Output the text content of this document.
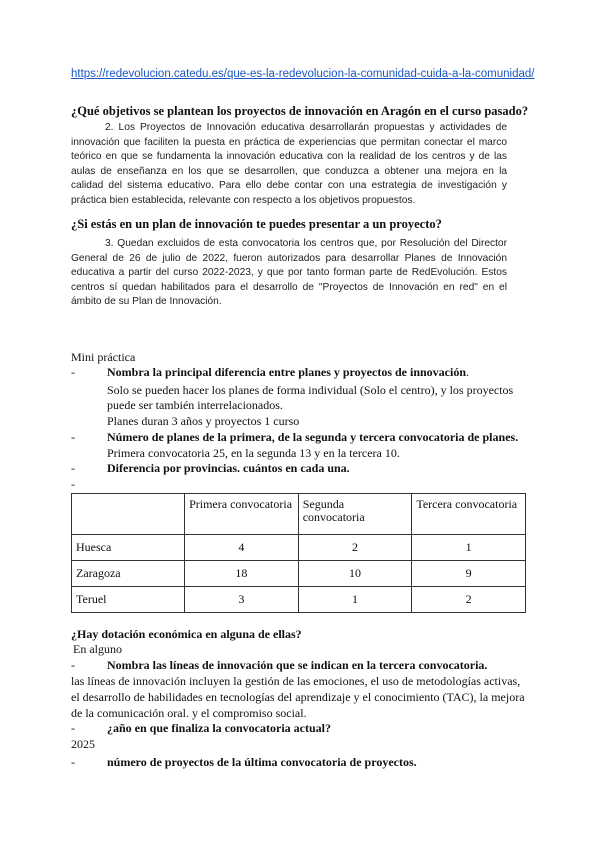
https://redevolucion.catedu.es/que-es-la-redevolucion-la-comunidad-cuida-a-la-comunidad/
¿Qué objetivos se plantean los proyectos de innovación en Aragón en el curso pasado?

2. Los Proyectos de Innovación educativa desarrollarán propuestas y actividades de innovación que faciliten la puesta en práctica de experiencias que permitan conectar el marco teórico en que se fundamenta la innovación educativa con la realidad de los centros y de las aulas de enseñanza en los que se desarrollen, que conduzca a obtener una mejora en la calidad del sistema educativo. Para ello debe contar con una estrategia de investigación y práctica bien establecida, relevante con respecto a los objetivos propuestos.

¿Si estás en un plan de innovación te puedes presentar a un proyecto?

3. Quedan excluidos de esta convocatoria los centros que, por Resolución del Director General de 26 de julio de 2022, fueron autorizados para desarrollar Planes de Innovación educativa a partir del curso 2022-2023, y que por tanto forman parte de RedEvolución. Estos centros sí quedan habilitados para el desarrollo de "Proyectos de Innovación en red" en el ámbito de su Plan de Innovación.

Mini práctica
-	Nombra la principal diferencia entre planes y proyectos de innovación.
Solo se pueden hacer los planes de forma individual (Solo el centro), y los proyectos
puede ser también interrelacionados.
Planes duran 3 años y proyectos 1 curso
-	Número de planes de la primera, de la segunda y tercera convocatoria de planes.
Primera convocatoria 25, en la segunda 13 y en la tercera 10.
-	Diferencia por provincias. cuántos en cada una.
-
	Primera convocatoria	Segunda convocatoria	Tercera convocatoria
Huesca	4	2	1
Zaragoza	18	10	9
Teruel	3	1	2
¿Hay dotación económica en alguna de ellas?
En alguno
-	Nombra las líneas de innovación que se indican en la tercera convocatoria.
las líneas de innovación incluyen la gestión de las emociones, el uso de metodologías activas,
el desarrollo de habilidades en tecnologías del aprendizaje y el conocimiento (TAC), la mejora
de la comunicación oral. y el compromiso social.
-	¿año en que finaliza la convocatoria actual?
2025
-	número de proyectos de la última convocatoria de proyectos.
